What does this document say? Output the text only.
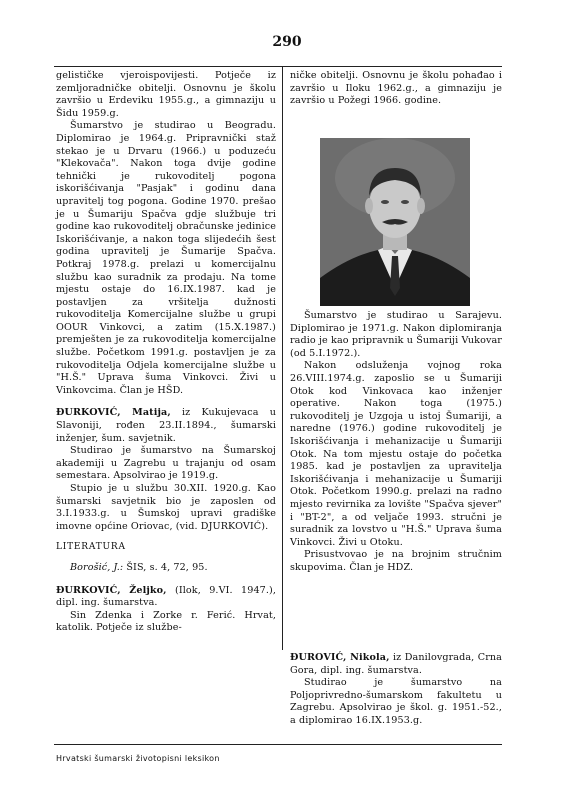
290

gelističke vjeroispovijesti. Potječe iz zemljoradničke obitelji. Osnovnu je školu završio u Erdeviku 1955.g., a gimnaziju u Šidu 1959.g.

Šumarstvo je studirao u Beogradu. Diplomirao je 1964.g. Pripravnički staž stekao je u Drvaru (1966.) u poduzeću "Klekovača". Nakon toga dvije godine tehnički je rukovoditelj pogona iskorišćivanja "Pasjak" i godinu dana upravitelj tog pogona. Godine 1970. prešao je u Šumariju Spačva gdje službuje tri godine kao rukovoditelj obračunske jedinice Iskorišćivanje, a nakon toga slijedećih šest godina upravitelj je Šumarije Spačva. Potkraj 1978.g. prelazi u komercijalnu službu kao suradnik za prodaju. Na tome mjestu ostaje do 16.IX.1987. kad je postavljen za vršitelja dužnosti rukovoditelja Komercijalne službe u grupi OOUR Vinkovci, a zatim (15.X.1987.) premješten je za rukovoditelja komercijalne službe. Početkom 1991.g. postavljen je za rukovoditelja Odjela komercijalne službe u "H.Š." Uprava šuma Vinkovci. Živi u Vinkovcima. Član je HŠD.

ĐURKOVIĆ, Matija, iz Kukujevaca u Slavoniji, rođen 23.II.1894., šumarski inženjer, šum. savjetnik.

Studirao je šumarstvo na Šumarskoj akademiji u Zagrebu u trajanju od osam semestara. Apsolvirao je 1919.g.

Stupio je u službu 30.XII. 1920.g. Kao šumarski savjetnik bio je zaposlen od 3.I.1933.g. u Šumskoj upravi gradiške imovne općine Oriovac, (vid. DJURKOVIĆ).

LITERATURA

Borošić, J.: ŠIS, s. 4, 72, 95.

ĐURKOVIĆ, Željko, (Ilok, 9.VI. 1947.), dipl. ing. šumarstva.

Sin Zdenka i Zorke r. Ferić. Hrvat, katolik. Potječe iz službe-

ničke obitelji. Osnovnu je školu pohađao i završio u Iloku 1962.g., a gimnaziju je završio u Požegi 1966. godine.

Šumarstvo je studirao u Sarajevu. Diplomirao je 1971.g. Nakon diplomiranja radio je kao pripravnik u Šumariji Vukovar (od 5.I.1972.).

Nakon odsluženja vojnog roka 26.VIII.1974.g. zaposlio se u Šumariji Otok kod Vinkovaca kao inženjer operative. Nakon toga (1975.) rukovoditelj je Uzgoja u istoj Šumariji, a naredne (1976.) godine rukovoditelj je Iskorišćivanja i mehanizacije u Šumariji Otok. Na tom mjestu ostaje do početka 1985. kad je postavljen za upravitelja Iskorišćivanja i mehanizacije u Šumariji Otok. Početkom 1990.g. prelazi na radno mjesto revirnika za lovište "Spačva sjever" i "BT-2", a od veljače 1993. stručni je suradnik za lovstvo u "H.Š." Uprava šuma Vinkovci. Živi u Otoku.

Prisustvovao je na brojnim stručnim skupovima. Član je HDZ.

ĐUROVIĆ, Nikola, iz Danilovgrada, Crna Gora, dipl. ing. šumarstva.

Studirao je šumarstvo na Poljoprivredno-šumarskom fakultetu u Zagrebu. Apsolvirao je škol. g. 1951.-52., a diplomirao 16.IX.1953.g.

Hrvatski šumarski životopisni leksikon
